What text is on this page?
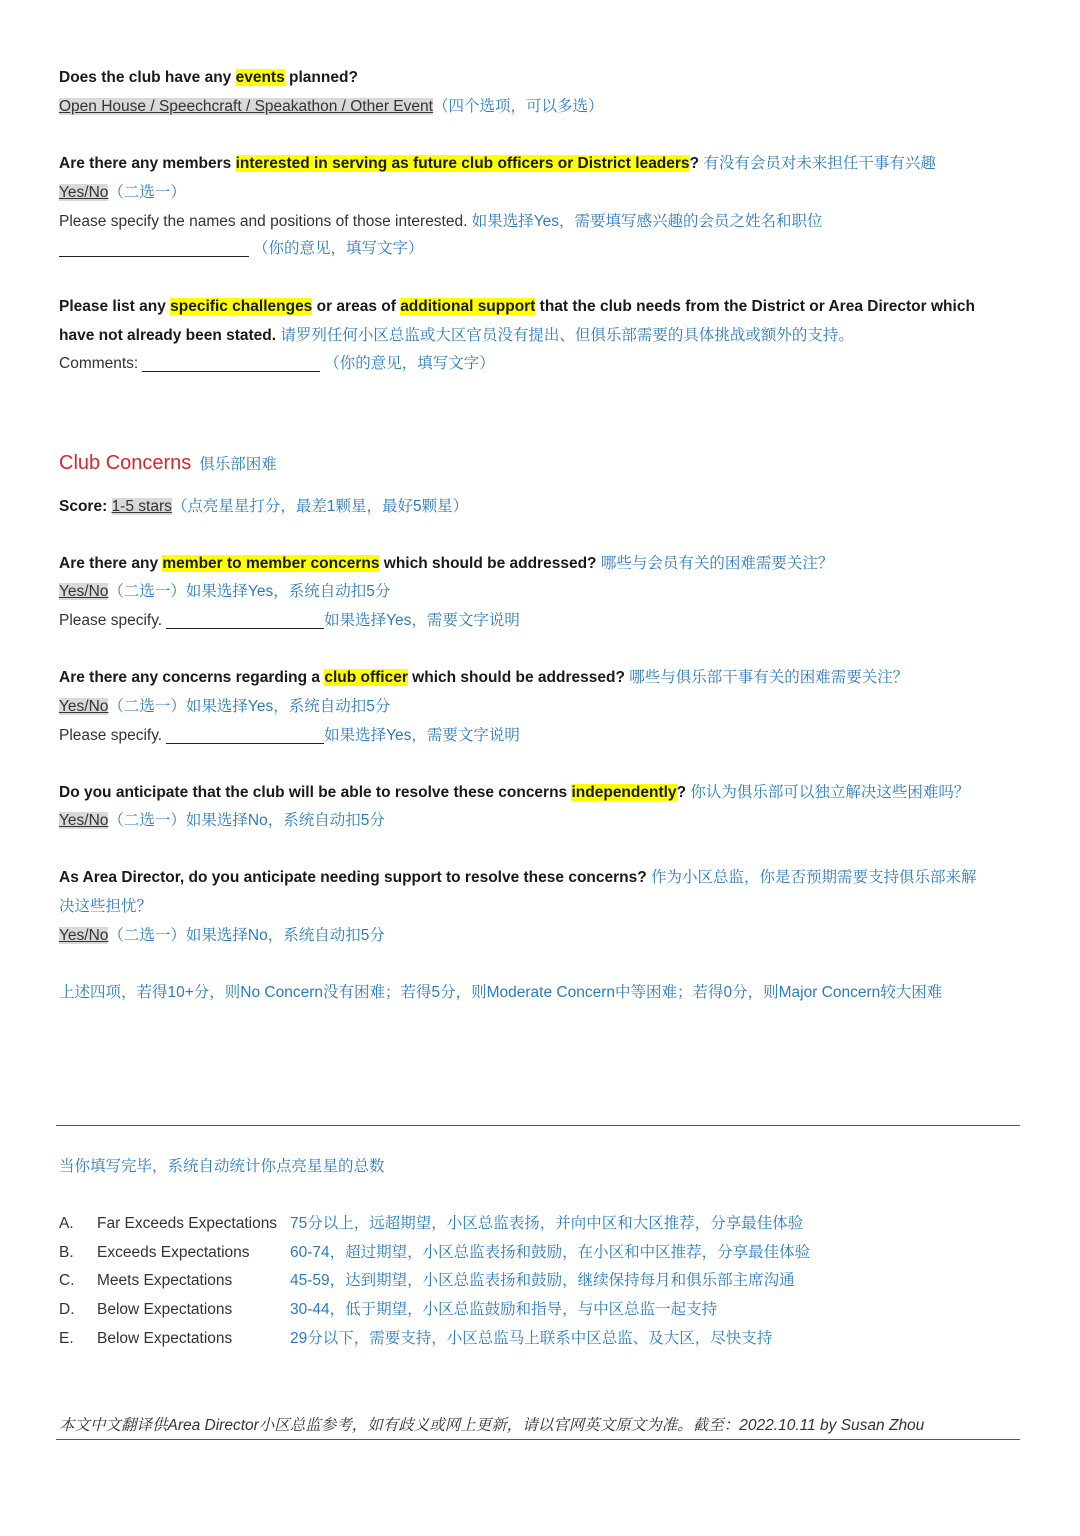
Does the club have any events planned?
Open House / Speechcraft / Speakathon / Other Event（四个选项，可以多选）
Are there any members interested in serving as future club officers or District leaders? 有没有会员对未来担任干事有兴趣
Yes/No（二选一）
Please specify the names and positions of those interested. 如果选择Yes，需要填写感兴趣的会员之姓名和职位
（你的意见，填写文字）
Please list any specific challenges or areas of additional support that the club needs from the District or Area Director which
have not already been stated. 请罗列任何小区总监或大区官员没有提出、但俱乐部需要的具体挑战或额外的支持。
Comments:	（你的意见，填写文字）
Club Concerns 俱乐部困难
Score: 1-5 stars（点亮星星打分，最差1颗星，最好5颗星）
Are there any member to member concerns which should be addressed? 哪些与会员有关的困难需要关注？
Yes/No（二选一）如果选择Yes，系统自动扣5分
Please specify.	如果选择Yes，需要文字说明
Are there any concerns regarding a club officer which should be addressed? 哪些与俱乐部干事有关的困难需要关注？
Yes/No（二选一）如果选择Yes，系统自动扣5分
Please specify.	如果选择Yes，需要文字说明
Do you anticipate that the club will be able to resolve these concerns independently? 你认为俱乐部可以独立解决这些困难吗？
Yes/No（二选一）如果选择No，系统自动扣5分
As Area Director, do you anticipate needing support to resolve these concerns? 作为小区总监，你是否预期需要支持俱乐部来解
决这些担忧？
Yes/No（二选一）如果选择No，系统自动扣5分
上述四项，若得10+分，则No Concern没有困难；若得5分，则Moderate Concern中等困难；若得0分，则Major Concern较大困难
当你填写完毕，系统自动统计你点亮星星的总数
A. Far Exceeds Expectations 75分以上，远超期望，小区总监表扬，并向中区和大区推荐，分享最佳体验
B. Exceeds Expectations	60-74，超过期望，小区总监表扬和鼓励，在小区和中区推荐，分享最佳体验
C. Meets Expectations	45-59，达到期望，小区总监表扬和鼓励，继续保持每月和俱乐部主席沟通
D. Below Expectations	30-44，低于期望，小区总监鼓励和指导，与中区总监一起支持
E. Below Expectations	29分以下，需要支持，小区总监马上联系中区总监、及大区，尽快支持
本文中文翻译供Area Director小区总监参考，如有歧义或网上更新，请以官网英文原文为准。截至：2022.10.11 by Susan Zhou
